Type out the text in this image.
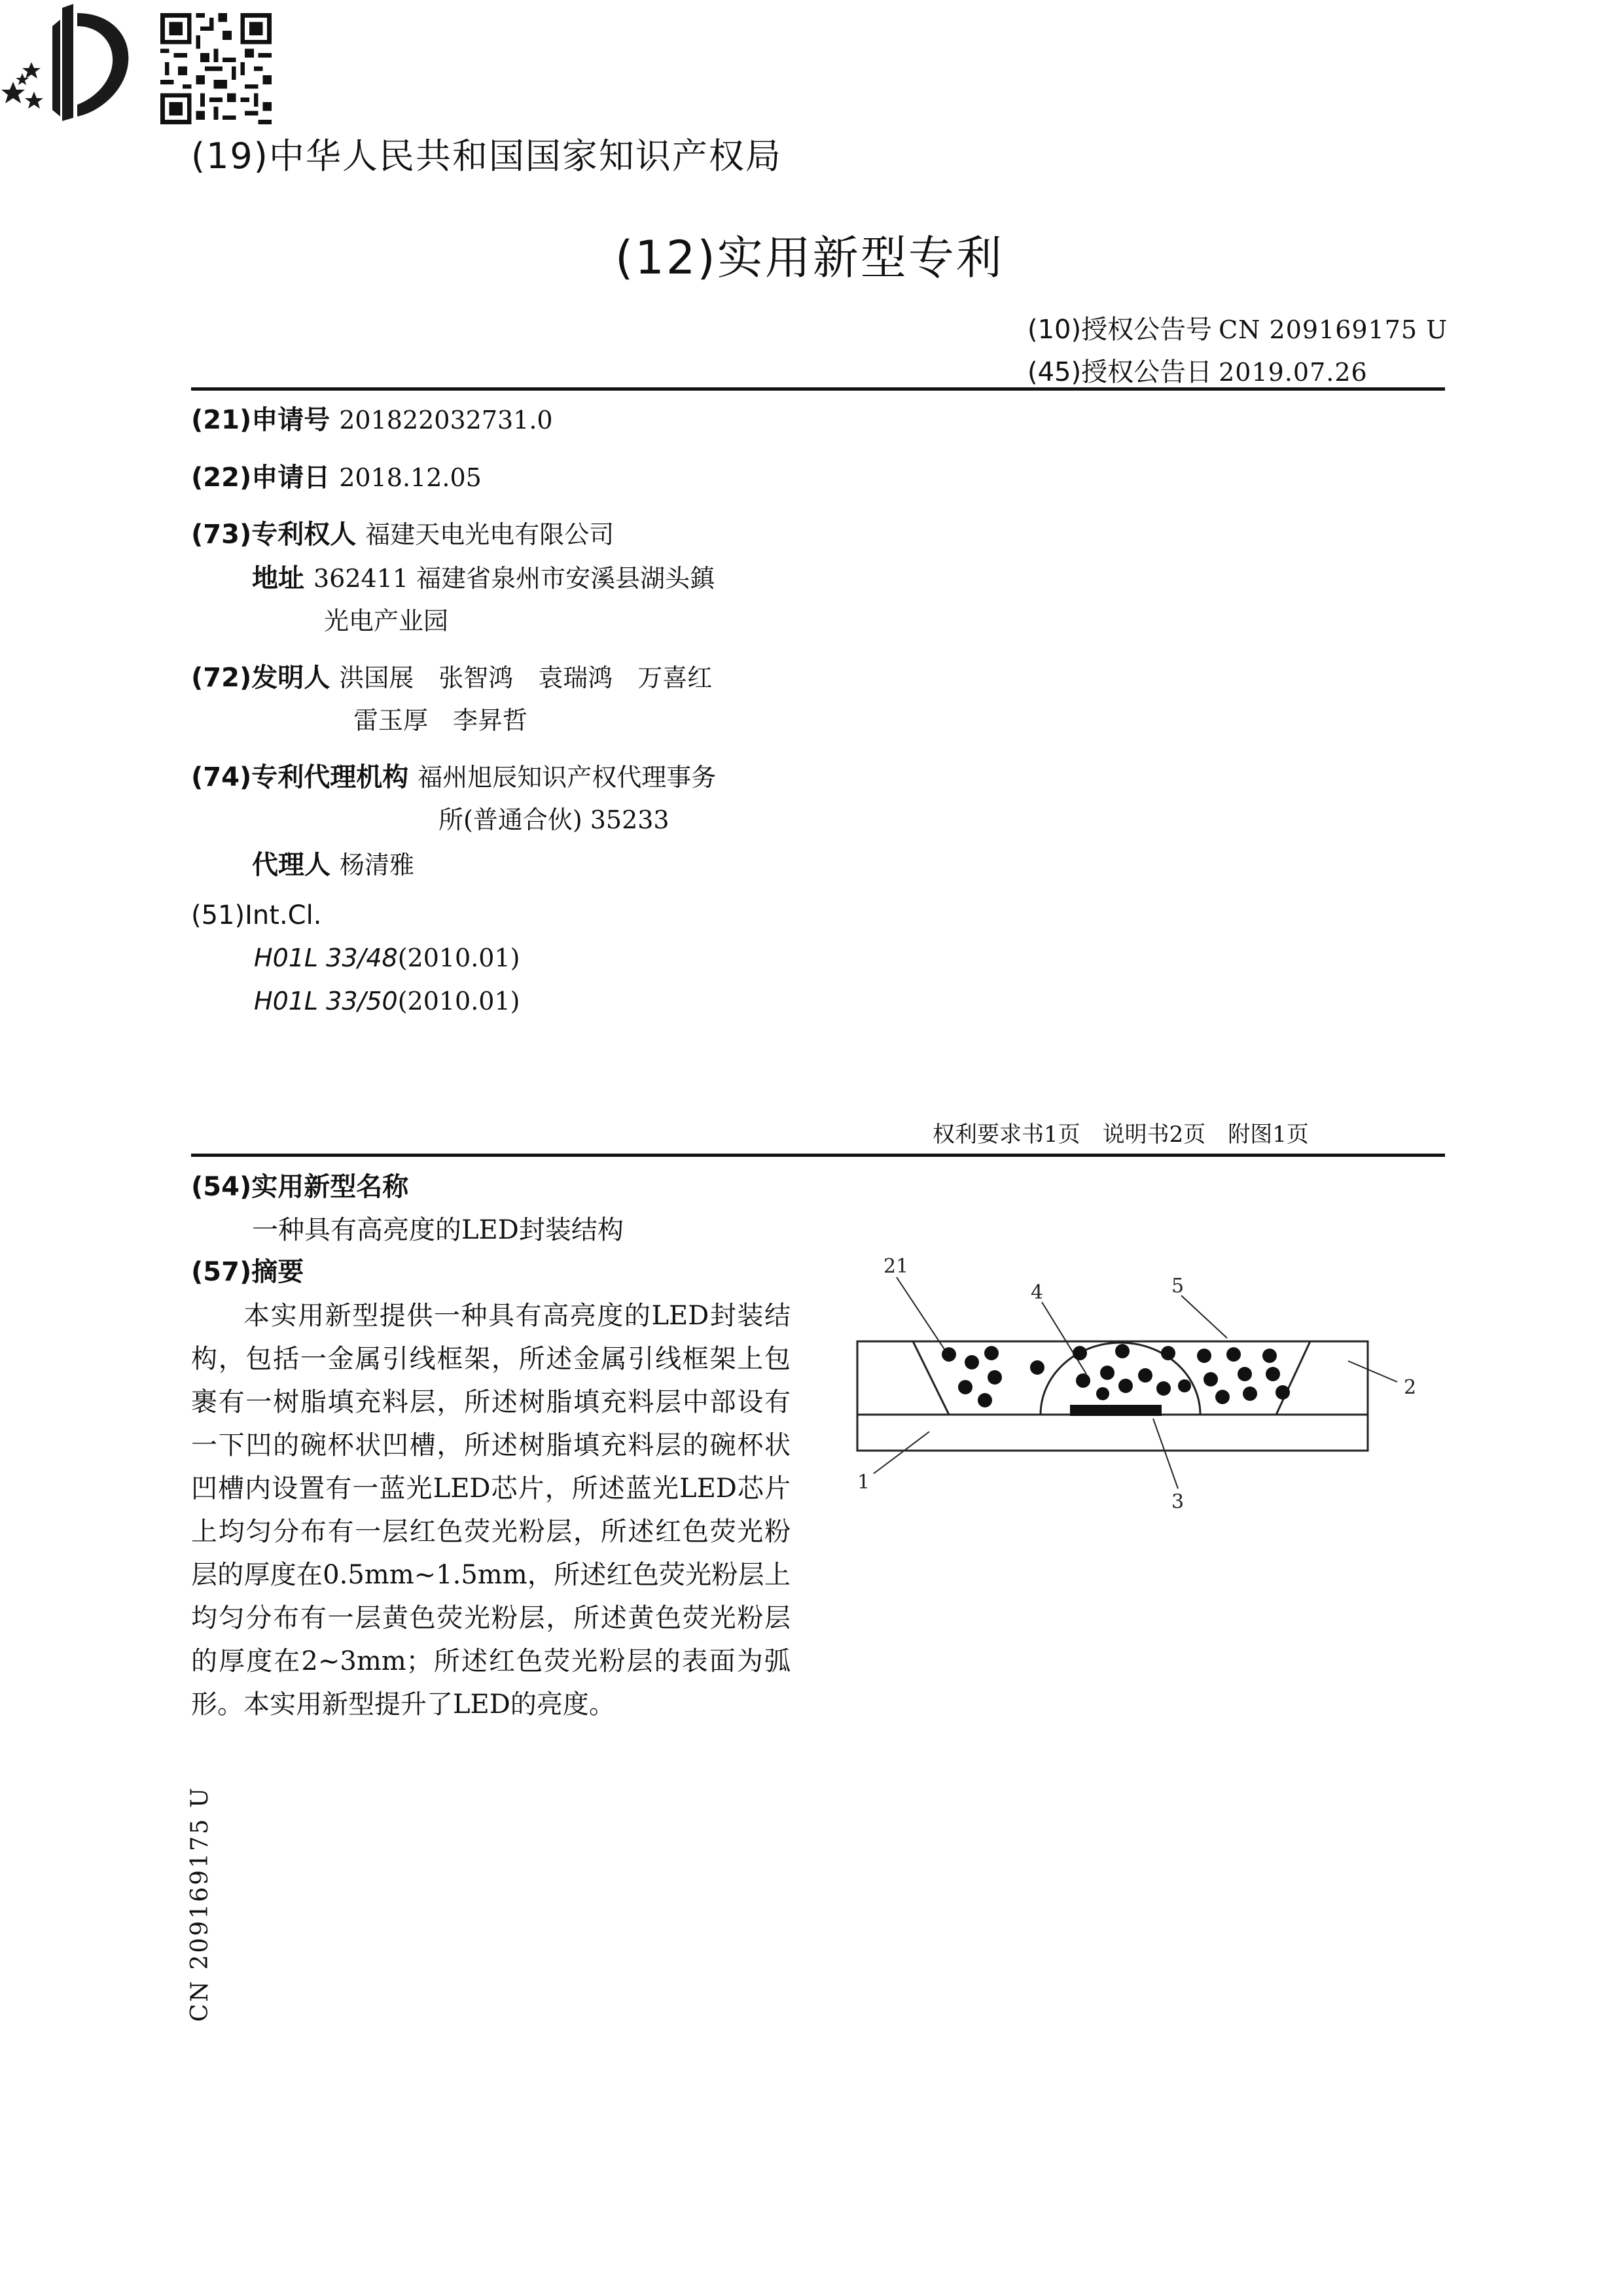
(19)中华人民共和国国家知识产权局

(12)实用新型专利
(10)授权公告号 CN 209169175 U
(45)授权公告日 2019.07.26
(21)申请号 201822032731.0
(22)申请日 2018.12.05
(73)专利权人 福建天电光电有限公司
地址 362411 福建省泉州市安溪县湖头鎮
光电产业园
(72)发明人 洪国展　张智鸿　袁瑞鸿　万喜红
雷玉厚　李昇哲
(74)专利代理机构 福州旭辰知识产权代理事务
所(普通合伙) 35233
代理人 杨清雅
(51)Int.Cl.
H01L 33/48(2010.01)
H01L 33/50(2010.01)
权利要求书1页　说明书2页　附图1页
(54)实用新型名称
一种具有高亮度的LED封装结构
(57)摘要
本实用新型提供一种具有高亮度的LED封装结构，包括一金属引线框架，所述金属引线框架上包裹有一树脂填充料层，所述树脂填充料层中部设有一下凹的碗杯状凹槽，所述树脂填充料层的碗杯状凹槽内设置有一蓝光LED芯片，所述蓝光LED芯片上均匀分布有一层红色荧光粉层，所述红色荧光粉层的厚度在0.5mm~1.5mm，所述红色荧光粉层上均匀分布有一层黄色荧光粉层，所述黄色荧光粉层的厚度在2~3mm；所述红色荧光粉层的表面为弧形。本实用新型提升了LED的亮度。
21
4	5
2
1
3
CN 209169175 U
